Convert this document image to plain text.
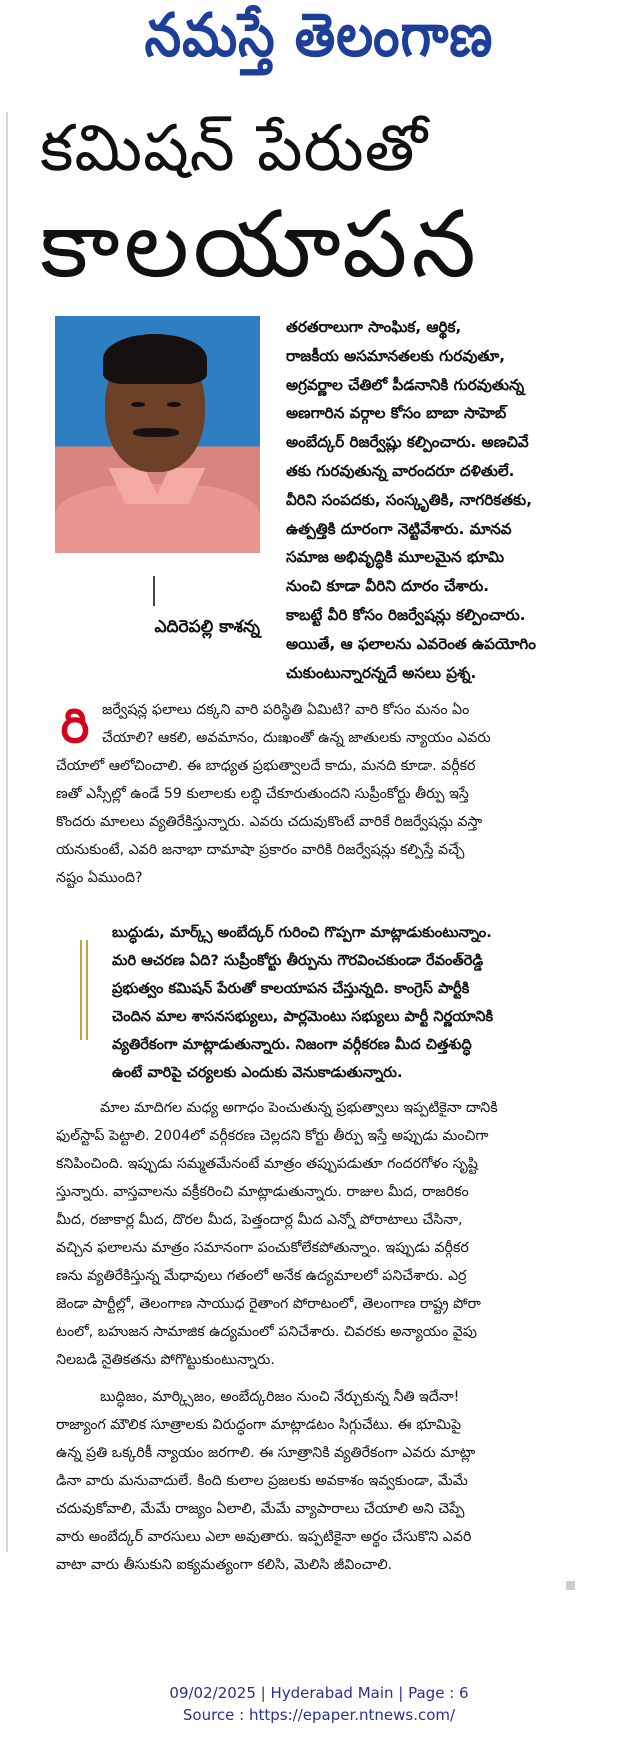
నమస్తే తెలంగాణ
కమిషన్ పేరుతో
కాలయాపన
ఎదిరెపల్లి కాశన్న
తరతరాలుగా సాంఘిక, ఆర్థిక,
రాజకీయ అసమానతలకు గురవుతూ,
అగ్రవర్ణాల చేతిలో పీడనానికి గురవుతున్న
అణగారిన వర్గాల కోసం బాబా సాహెబ్
అంబేద్కర్ రిజర్వేష్లు కల్పించారు. అణచివే
తకు గురవుతున్న వారందరూ దళితులే.
వీరిని సంపదకు, సంస్కృతికి, నాగరికతకు,
ఉత్పత్తికి దూరంగా నెట్టివేశారు. మానవ
సమాజ అభివృద్ధికి మూలమైన భూమి
నుంచి కూడా వీరిని దూరం చేశారు.
కాబట్టే వీరి కోసం రిజర్వేషన్లు కల్పించారు.
అయితే, ఆ ఫలాలను ఎవరెంత ఉపయోగిం
చుకుంటున్నారన్నదే అసలు ప్రశ్న.
రి జర్వేషన్ల ఫలాలు దక్కని వారి పరిస్థితి ఏమిటి? వారి కోసం మనం ఏం
చేయాలి? ఆకలి, అవమానం, దుఃఖంతో ఉన్న జాతులకు న్యాయం ఎవరు
చేయాలో ఆలోచించాలి. ఈ బాధ్యత ప్రభుత్వాలదే కాదు, మనది కూడా. వర్గీకర
ణతో ఎస్సీల్లో ఉండే 59 కులాలకు లబ్ధి చేకూరుతుందని సుప్రీంకోర్టు తీర్పు ఇస్తే
కొందరు మాలలు వ్యతిరేకిస్తున్నారు. ఎవరు చదువుకొంటే వారికే రిజర్వేషన్లు వస్తా
యనుకుంటే, ఎవరి జనాభా దామాషా ప్రకారం వారికి రిజర్వేషన్లు కల్పిస్తే వచ్చే
నష్టం ఏముంది?
బుద్ధుడు, మార్క్స్ అంబేద్కర్ గురించి గొప్పగా మాట్లాడుకుంటున్నాం.
మరి ఆచరణ ఏది? సుప్రీంకోర్టు తీర్పును గౌరవించకుండా రేవంత్‌రెడ్డి
ప్రభుత్వం కమిషన్ పేరుతో కాలయాపన చేస్తున్నది. కాంగ్రెస్ పార్టీకి
చెందిన మాల శాసనసభ్యులు, పార్లమెంటు సభ్యులు పార్టీ నిర్ణయానికి
వ్యతిరేకంగా మాట్లాడుతున్నారు. నిజంగా వర్గీకరణ మీద చిత్తశుద్ధి
ఉంటే వారిపై చర్యలకు ఎందుకు వెనుకాడుతున్నారు.
మాల మాదిగల మధ్య అగాధం పెంచుతున్న ప్రభుత్వాలు ఇప్పటికైనా దానికి
ఫుల్‌స్టాప్ పెట్టాలి. 2004లో వర్గీకరణ చెల్లదని కోర్టు తీర్పు ఇస్తే అప్పుడు మంచిగా
కనిపించింది. ఇప్పుడు సమ్మతమేనంటే మాత్రం తప్పుపడుతూ గందరగోళం సృష్టి
స్తున్నారు. వాస్తవాలను వక్రీకరించి మాట్లాడుతున్నారు. రాజుల మీద, రాజరికం
మీద, రజాకార్ల మీద, దొరల మీద, పెత్తందార్ల మీద ఎన్నో పోరాటాలు చేసినా,
వచ్చిన ఫలాలను మాత్రం సమానంగా పంచుకోలేకపోతున్నాం. ఇప్పుడు వర్గీకర
ణను వ్యతిరేకిస్తున్న మేధావులు గతంలో అనేక ఉద్యమాలలో పనిచేశారు. ఎర్ర
జెండా పార్టీల్లో, తెలంగాణ సాయుధ రైతాంగ పోరాటంలో, తెలంగాణ రాష్ట్ర పోరా
టంలో, బహుజన సామాజిక ఉద్యమంలో పనిచేశారు. చివరకు అన్యాయం వైపు
నిలబడి నైతికతను పోగొట్టుకుంటున్నారు.
బుద్ధిజం, మార్క్సిజం, అంబేద్కరిజం నుంచి నేర్చుకున్న నీతి ఇదేనా!
రాజ్యాంగ మౌలిక సూత్రాలకు విరుద్ధంగా మాట్లాడటం సిగ్గుచేటు. ఈ భూమిపై
ఉన్న ప్రతి ఒక్కరికీ న్యాయం జరగాలి. ఈ సూత్రానికి వ్యతిరేకంగా ఎవరు మాట్లా
డినా వారు మనువాదులే. కింది కులాల ప్రజలకు అవకాశం ఇవ్వకుండా, మేమే
చదువుకోవాలి, మేమే రాజ్యం ఏలాలి, మేమే వ్యాపారాలు చేయాలి అని చెప్పే
వారు అంబేద్కర్ వారసులు ఎలా అవుతారు. ఇప్పటికైనా అర్థం చేసుకొని ఎవరి
వాటా వారు తీసుకుని ఐక్యమత్యంగా కలిసి, మెలిసి జీవించాలి.
09/02/2025 | Hyderabad Main | Page : 6
Source : https://epaper.ntnews.com/
